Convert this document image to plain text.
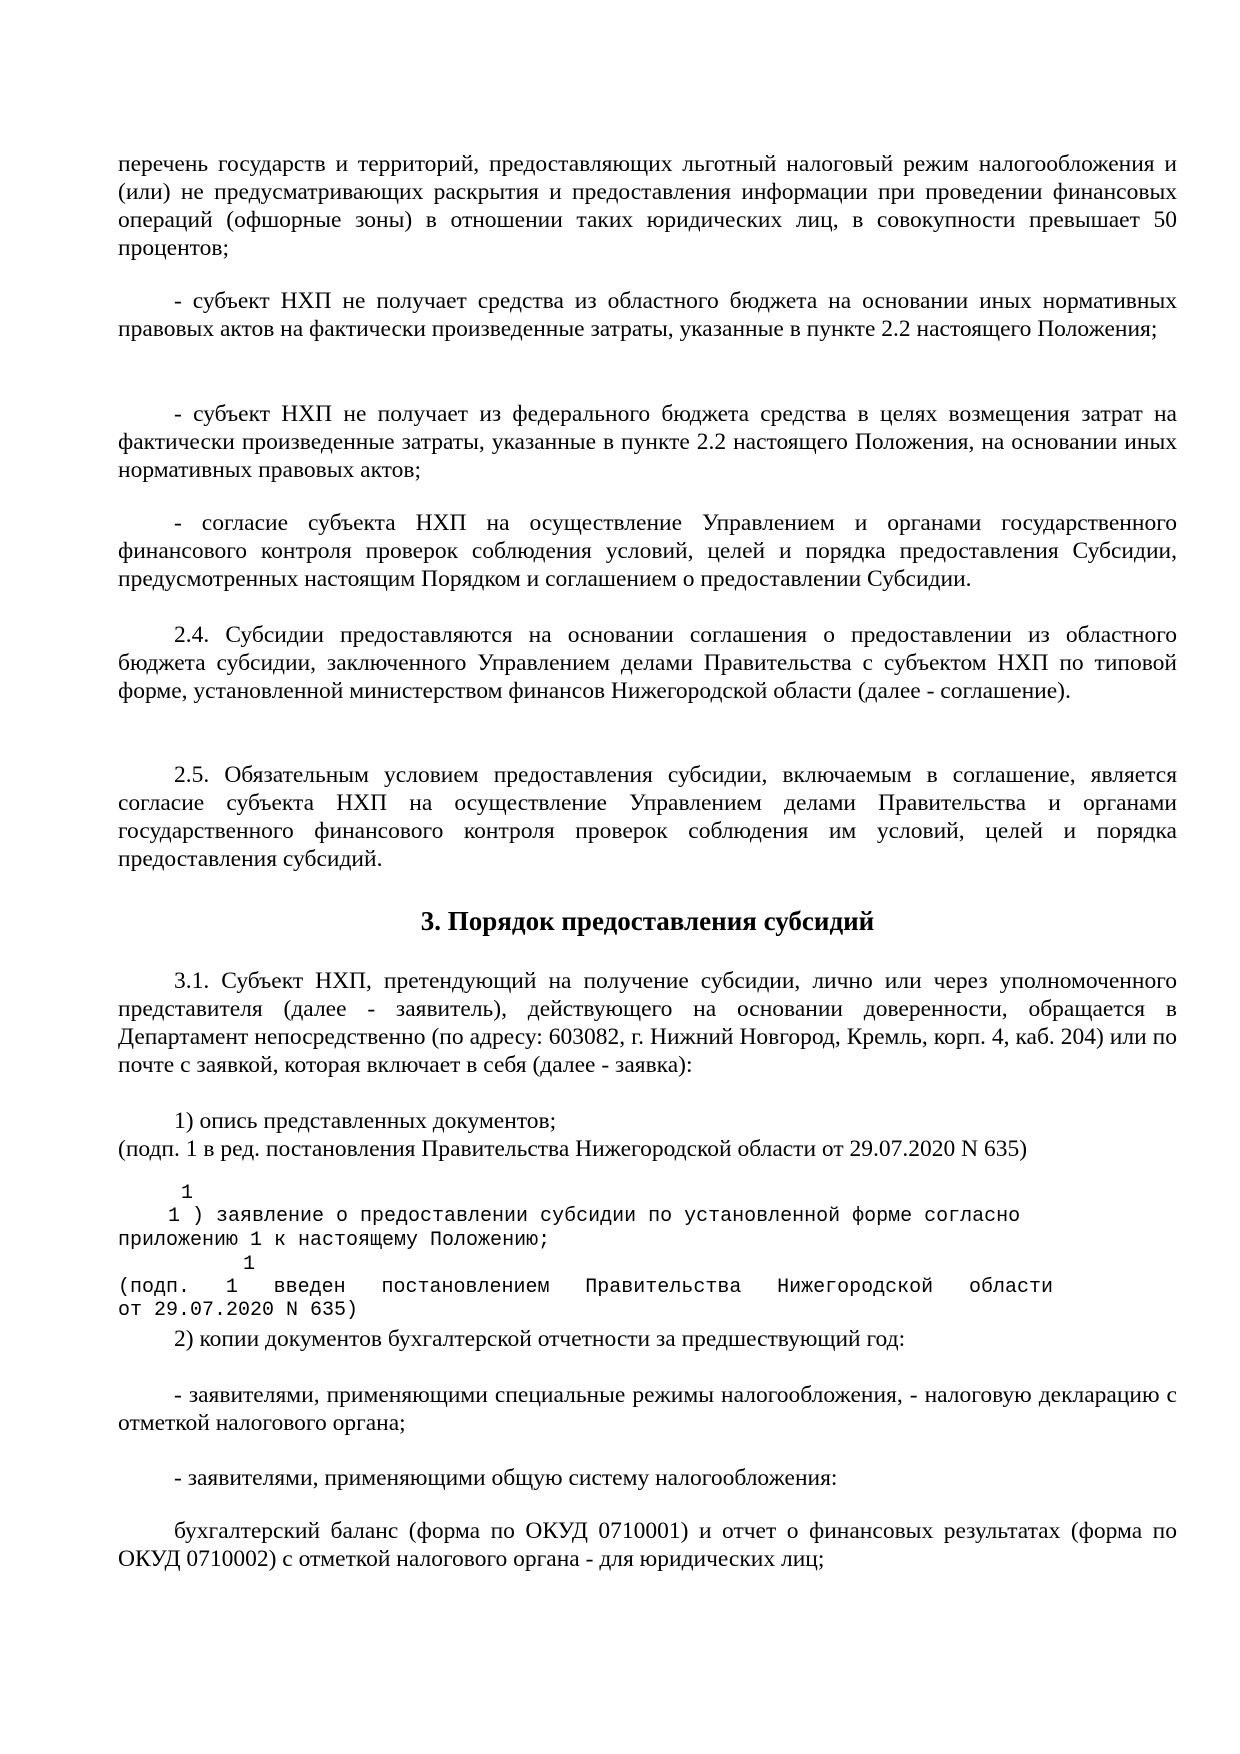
перечень государств и территорий, предоставляющих льготный налоговый режим налогообложения и (или) не предусматривающих раскрытия и предоставления информации при проведении финансовых операций (офшорные зоны) в отношении таких юридических лиц, в совокупности превышает 50 процентов;
- субъект НХП не получает средства из областного бюджета на основании иных нормативных правовых актов на фактически произведенные затраты, указанные в пункте 2.2 настоящего Положения;
- субъект НХП не получает из федерального бюджета средства в целях возмещения затрат на фактически произведенные затраты, указанные в пункте 2.2 настоящего Положения, на основании иных нормативных правовых актов;
- согласие субъекта НХП на осуществление Управлением и органами государственного финансового контроля проверок соблюдения условий, целей и порядка предоставления Субсидии, предусмотренных настоящим Порядком и соглашением о предоставлении Субсидии.
2.4. Субсидии предоставляются на основании соглашения о предоставлении из областного бюджета субсидии, заключенного Управлением делами Правительства с субъектом НХП по типовой форме, установленной министерством финансов Нижегородской области (далее - соглашение).
2.5. Обязательным условием предоставления субсидии, включаемым в соглашение, является согласие субъекта НХП на осуществление Управлением делами Правительства и органами государственного финансового контроля проверок соблюдения им условий, целей и порядка предоставления субсидий.
3. Порядок предоставления субсидий
3.1. Субъект НХП, претендующий на получение субсидии, лично или через уполномоченного представителя (далее - заявитель), действующего на основании доверенности, обращается в Департамент непосредственно (по адресу: 603082, г. Нижний Новгород, Кремль, корп. 4, каб. 204) или по почте с заявкой, которая включает в себя (далее - заявка):
1) опись представленных документов;
(подп. 1 в ред. постановления Правительства Нижегородской области от 29.07.2020 N 635)
1
1 ) заявление о предоставлении субсидии по установленной форме согласно
приложению 1 к настоящему Положению;
1
(подп. 1 введен постановлением Правительства Нижегородской области
от 29.07.2020 N 635)
2) копии документов бухгалтерской отчетности за предшествующий год:
- заявителями, применяющими специальные режимы налогообложения, - налоговую декларацию с отметкой налогового органа;
- заявителями, применяющими общую систему налогообложения:
бухгалтерский баланс (форма по ОКУД 0710001) и отчет о финансовых результатах (форма по ОКУД 0710002) с отметкой налогового органа - для юридических лиц;
